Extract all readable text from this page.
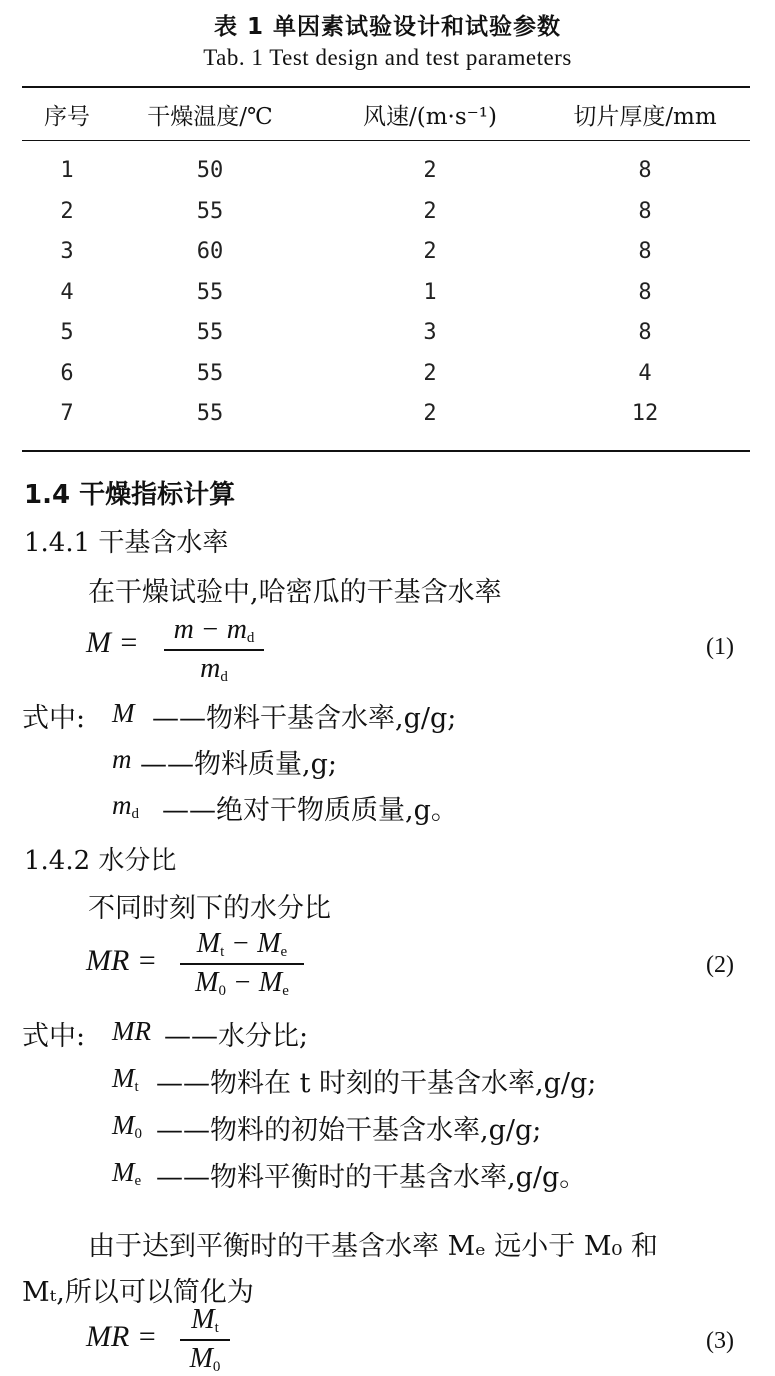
表 1 单因素试验设计和试验参数
Tab. 1 Test design and test parameters
序号	干燥温度/℃	风速/(m·s⁻¹)	切片厚度/mm
1	50	2	8
2	55	2	8
3	60	2	8
4	55	1	8
5	55	3	8
6	55	2	4
7	55	2	12
1.4 干燥指标计算
1.4.1 干基含水率
在干燥试验中,哈密瓜的干基含水率
M =	m − md
md
(1)
式中: M ——物料干基含水率,g/g;
m ——物料质量,g;
md ——绝对干物质质量,g。
1.4.2 水分比
不同时刻下的水分比
MR =
Mt − Me
M0 − Me
(2)
式中: MR ——水分比;
Mt ——物料在 t 时刻的干基含水率,g/g;
M0 ——物料的初始干基含水率,g/g;
Me ——物料平衡时的干基含水率,g/g。
由于达到平衡时的干基含水率 Mₑ 远小于 M₀ 和
Mₜ,所以可以简化为
MR =
Mt
M0
(3)
